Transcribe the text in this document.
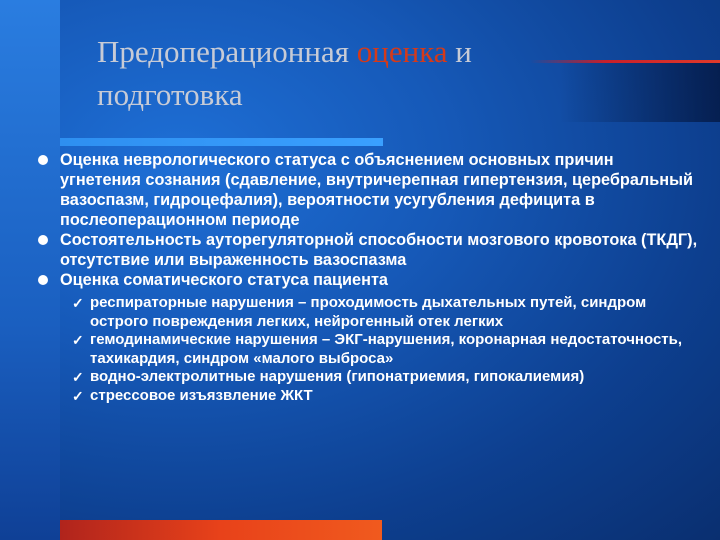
Предоперационная оценка и
подготовка
Оценка неврологического статуса с объяснением основных причин угнетения сознания (сдавление, внутричерепная гипертензия, церебральный вазоспазм, гидроцефалия), вероятности усугубления дефицита в послеоперационном периоде
Состоятельность ауторегуляторной способности мозгового кровотока (ТКДГ), отсутствие или выраженность вазоспазма
Оценка соматического статуса пациента
✓ респираторные нарушения – проходимость дыхательных путей, синдром острого повреждения легких, нейрогенный отек легких
✓ гемодинамические нарушения – ЭКГ-нарушения, коронарная недостаточность, тахикардия, синдром «малого выброса»
✓ водно-электролитные нарушения (гипонатриемия, гипокалиемия)
✓ стрессовое изъязвление ЖКТ
